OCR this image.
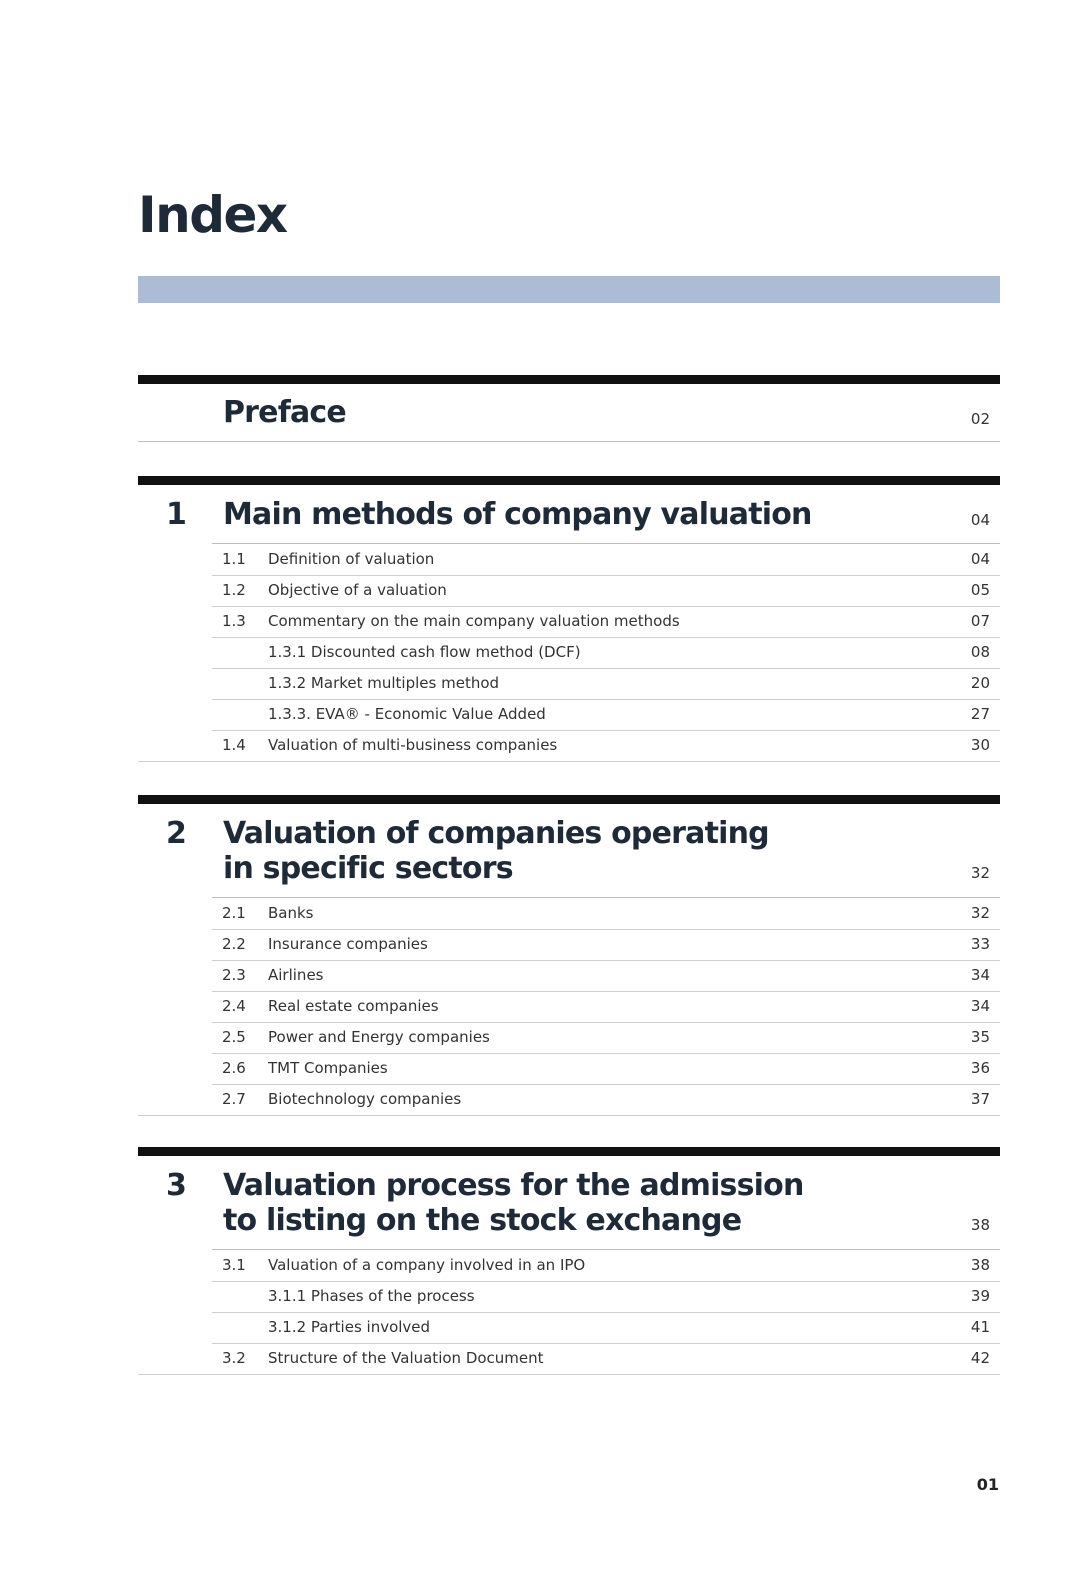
Index
Preface	02
1 Main methods of company valuation	04
1.1 Definition of valuation	04
1.2 Objective of a valuation	05
1.3 Commentary on the main company valuation methods	07
1.3.1 Discounted cash flow method (DCF)	08
1.3.2 Market multiples method	20
1.3.3. EVA® - Economic Value Added	27
1.4 Valuation of multi-business companies	30
2 Valuation of companies operating
in specific sectors	32
2.1 Banks	32
2.2 Insurance companies	33
2.3 Airlines	34
2.4 Real estate companies	34
2.5 Power and Energy companies	35
2.6 TMT Companies	36
2.7 Biotechnology companies	37
3 Valuation process for the admission
to listing on the stock exchange	38
3.1 Valuation of a company involved in an IPO	38
3.1.1 Phases of the process	39
3.1.2 Parties involved	41
3.2 Structure of the Valuation Document	42
01
